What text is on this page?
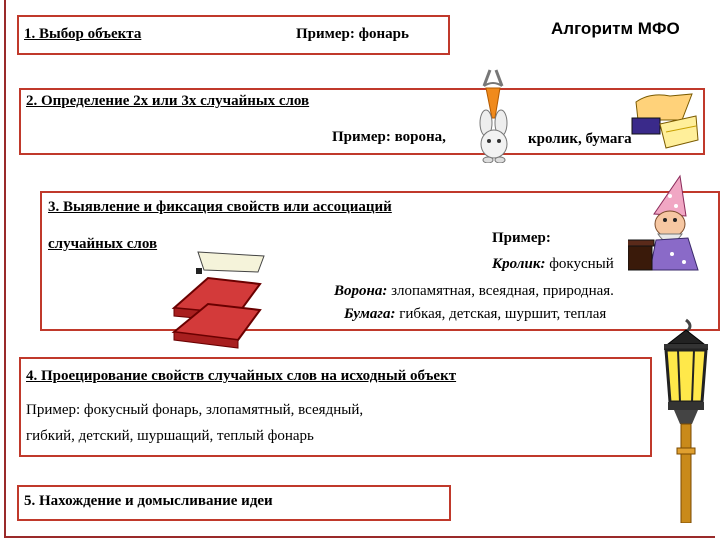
1. Выбор объекта	Пример: фонарь	Алгоритм МФО
2. Определение 2х или 3х случайных слов
Пример: ворона,	кролик, бумага
3. Выявление и фиксация свойств или ассоциаций
случайных слов	Пример:
Кролик: фокусный
Ворона: злопамятная, всеядная, природная.
Бумага: гибкая, детская, шуршит, теплая
4. Проецирование свойств случайных слов на исходный объект
Пример: фокусный фонарь, злопамятный, всеядный,
гибкий, детский, шуршащий, теплый фонарь
5. Нахождение и домысливание идеи
